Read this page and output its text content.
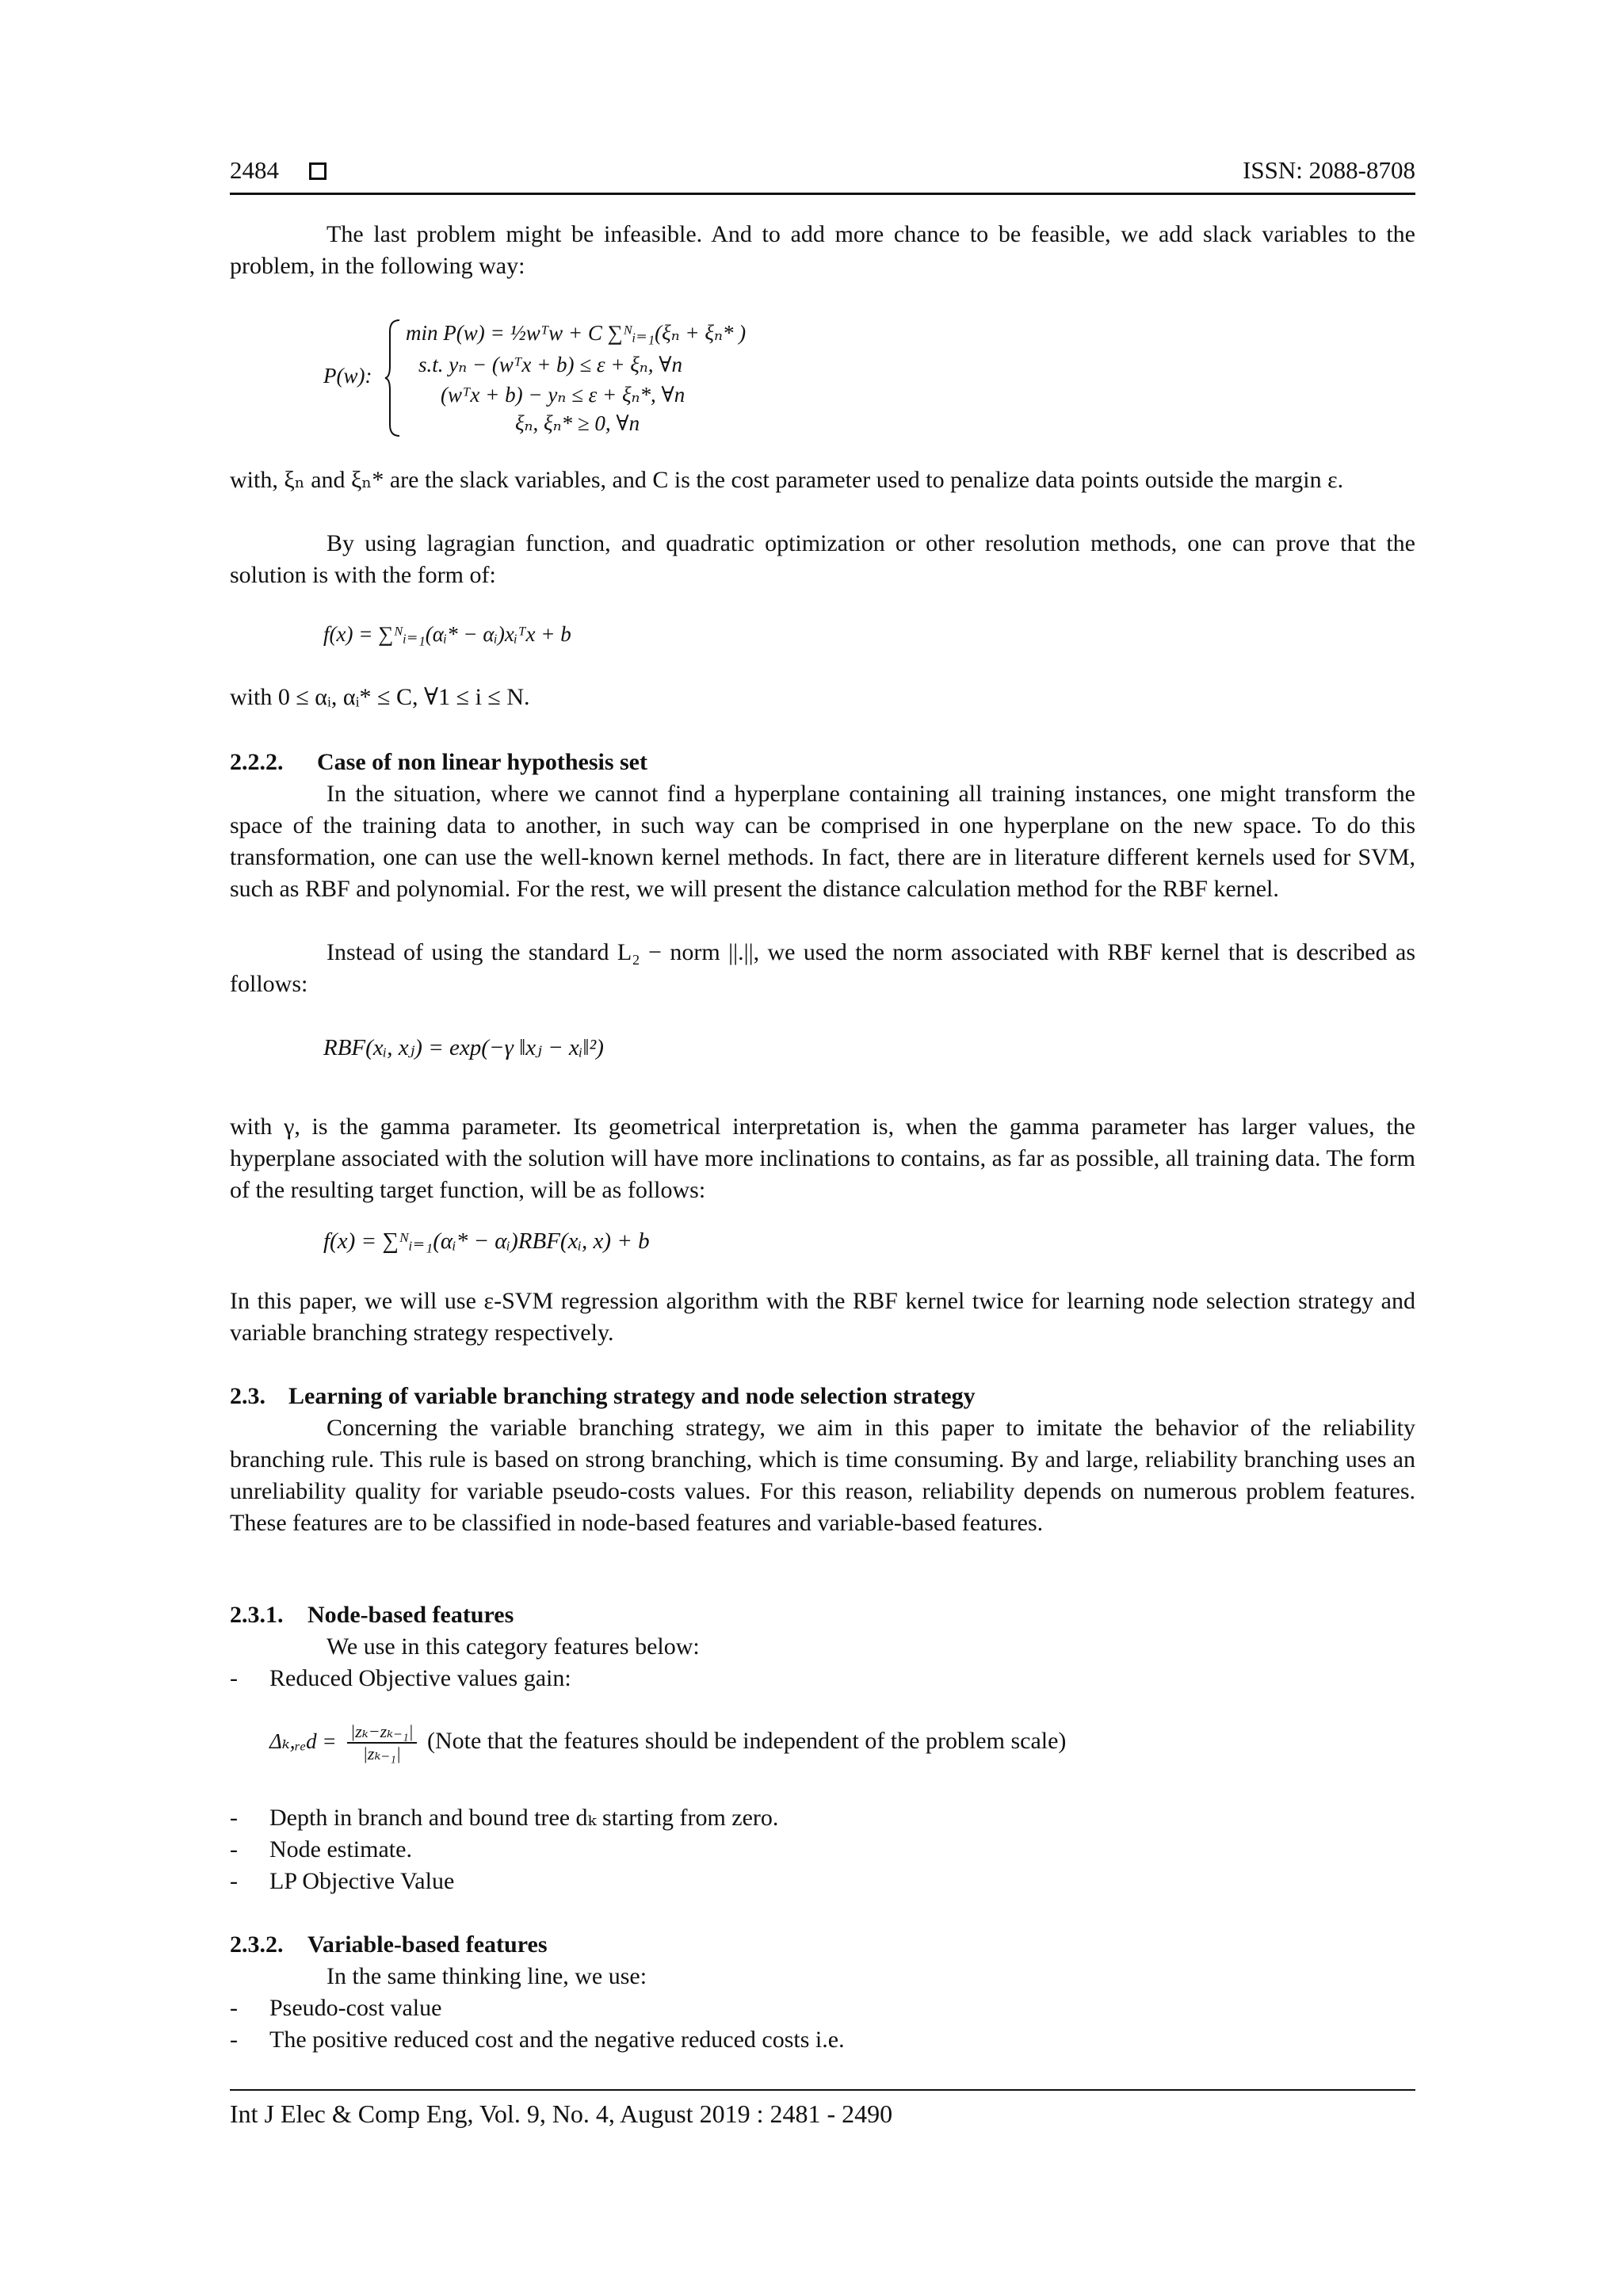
2484	ISSN: 2088-8708
The last problem might be infeasible. And to add more chance to be feasible, we add slack variables to the problem, in the following way:
P(w):
min P(w) = ½wᵀw + C ∑ᴺᵢ₌₁(ξₙ + ξₙ* )
s.t. yₙ − (wᵀx + b) ≤ ε + ξₙ, ∀n
(wᵀx + b) − yₙ ≤ ε + ξₙ*, ∀n
ξₙ, ξₙ* ≥ 0, ∀n
with, ξₙ and ξₙ* are the slack variables, and C is the cost parameter used to penalize data points outside the margin ε.
By using lagragian function, and quadratic optimization or other resolution methods, one can prove that the solution is with the form of:
f(x) = ∑ᴺᵢ₌₁(αᵢ* − αᵢ)xᵢᵀx + b
with 0 ≤ αᵢ, αᵢ* ≤ C, ∀1 ≤ i ≤ N.
2.2.2. Case of non linear hypothesis set
In the situation, where we cannot find a hyperplane containing all training instances, one might transform the space of the training data to another, in such way can be comprised in one hyperplane on the new space. To do this transformation, one can use the well-known kernel methods. In fact, there are in literature different kernels used for SVM, such as RBF and polynomial. For the rest, we will present the distance calculation method for the RBF kernel.
Instead of using the standard L₂ − norm ||.||, we used the norm associated with RBF kernel that is described as follows:
RBF(xᵢ, xⱼ) = exp(−γ ‖xⱼ − xᵢ‖²)
with γ, is the gamma parameter. Its geometrical interpretation is, when the gamma parameter has larger values, the hyperplane associated with the solution will have more inclinations to contains, as far as possible, all training data. The form of the resulting target function, will be as follows:
f(x) = ∑ᴺᵢ₌₁(αᵢ* − αᵢ)RBF(xᵢ, x) + b
In this paper, we will use ε-SVM regression algorithm with the RBF kernel twice for learning node selection strategy and variable branching strategy respectively.
2.3. Learning of variable branching strategy and node selection strategy
Concerning the variable branching strategy, we aim in this paper to imitate the behavior of the reliability branching rule. This rule is based on strong branching, which is time consuming. By and large, reliability branching uses an unreliability quality for variable pseudo-costs values. For this reason, reliability depends on numerous problem features. These features are to be classified in node-based features and variable-based features.
2.3.1. Node-based features
We use in this category features below:
- Reduced Objective values gain:
Δₖ,ᵣₑd = $\frac{\text{|zₖ−zₖ₋₁|}}{\text{|zₖ₋₁|}}$ (Note that the features should be independent of the problem scale)
- Depth in branch and bound tree dₖ starting from zero.
- Node estimate.
- LP Objective Value
2.3.2. Variable-based features
In the same thinking line, we use:
- Pseudo-cost value
- The positive reduced cost and the negative reduced costs i.e.
Int J Elec & Comp Eng, Vol. 9, No. 4, August 2019 : 2481 - 2490
